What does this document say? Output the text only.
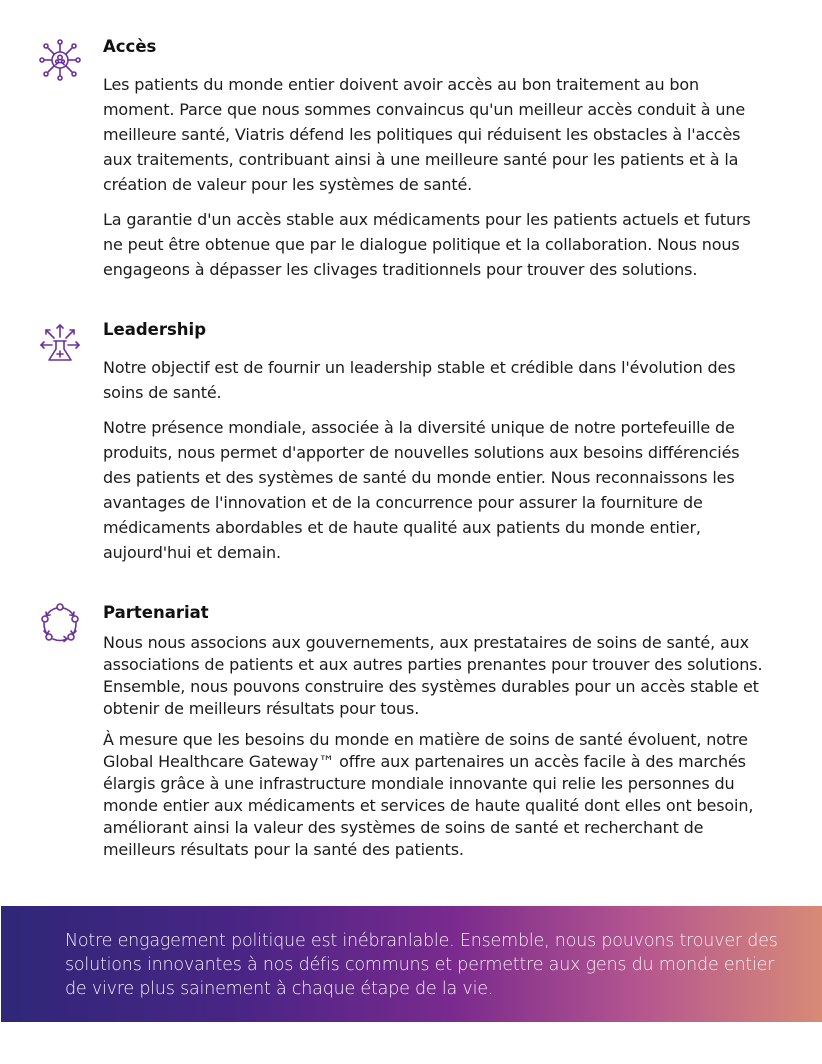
Accès

Les patients du monde entier doivent avoir accès au bon traitement au bon moment. Parce que nous sommes convaincus qu'un meilleur accès conduit à une meilleure santé, Viatris défend les politiques qui réduisent les obstacles à l'accès aux traitements, contribuant ainsi à une meilleure santé pour les patients et à la création de valeur pour les systèmes de santé.

La garantie d'un accès stable aux médicaments pour les patients actuels et futurs ne peut être obtenue que par le dialogue politique et la collaboration. Nous nous engageons à dépasser les clivages traditionnels pour trouver des solutions.

Leadership

Notre objectif est de fournir un leadership stable et crédible dans l'évolution des soins de santé.

Notre présence mondiale, associée à la diversité unique de notre portefeuille de produits, nous permet d'apporter de nouvelles solutions aux besoins différenciés des patients et des systèmes de santé du monde entier. Nous reconnaissons les avantages de l'innovation et de la concurrence pour assurer la fourniture de médicaments abordables et de haute qualité aux patients du monde entier, aujourd'hui et demain.

Partenariat

Nous nous associons aux gouvernements, aux prestataires de soins de santé, aux associations de patients et aux autres parties prenantes pour trouver des solutions. Ensemble, nous pouvons construire des systèmes durables pour un accès stable et obtenir de meilleurs résultats pour tous.

À mesure que les besoins du monde en matière de soins de santé évoluent, notre Global Healthcare Gateway™ offre aux partenaires un accès facile à des marchés élargis grâce à une infrastructure mondiale innovante qui relie les personnes du monde entier aux médicaments et services de haute qualité dont elles ont besoin, améliorant ainsi la valeur des systèmes de soins de santé et recherchant de meilleurs résultats pour la santé des patients.

Notre engagement politique est inébranlable. Ensemble, nous pouvons trouver des solutions innovantes à nos défis communs et permettre aux gens du monde entier de vivre plus sainement à chaque étape de la vie.
